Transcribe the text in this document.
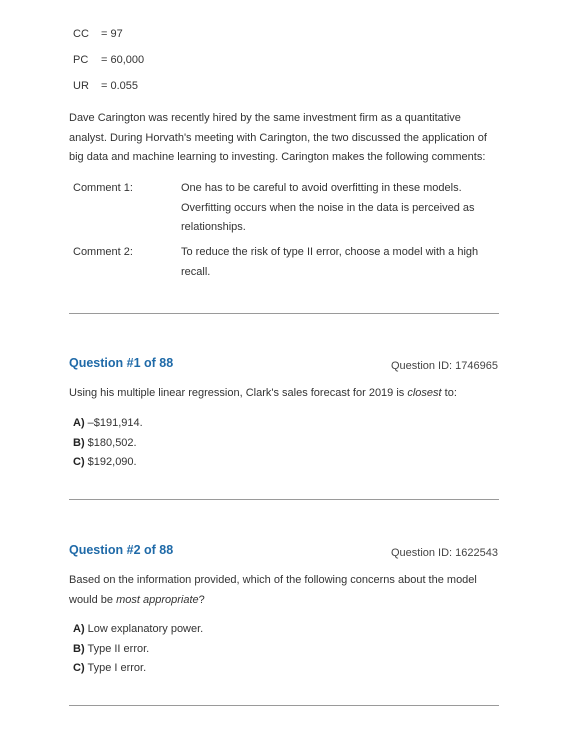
CC	= 97
PC	= 60,000
UR	= 0.055
Dave Carington was recently hired by the same investment firm as a quantitative analyst. During Horvath's meeting with Carington, the two discussed the application of big data and machine learning to investing. Carington makes the following comments:
Comment 1:	One has to be careful to avoid overfitting in these models. Overfitting occurs when the noise in the data is perceived as relationships.
Comment 2:	To reduce the risk of type II error, choose a model with a high recall.
Question #1 of 88	Question ID: 1746965
Using his multiple linear regression, Clark's sales forecast for 2019 is closest to:
A) –$191,914.
B) $180,502.
C) $192,090.
Question #2 of 88	Question ID: 1622543
Based on the information provided, which of the following concerns about the model would be most appropriate?
A) Low explanatory power.
B) Type II error.
C) Type I error.
